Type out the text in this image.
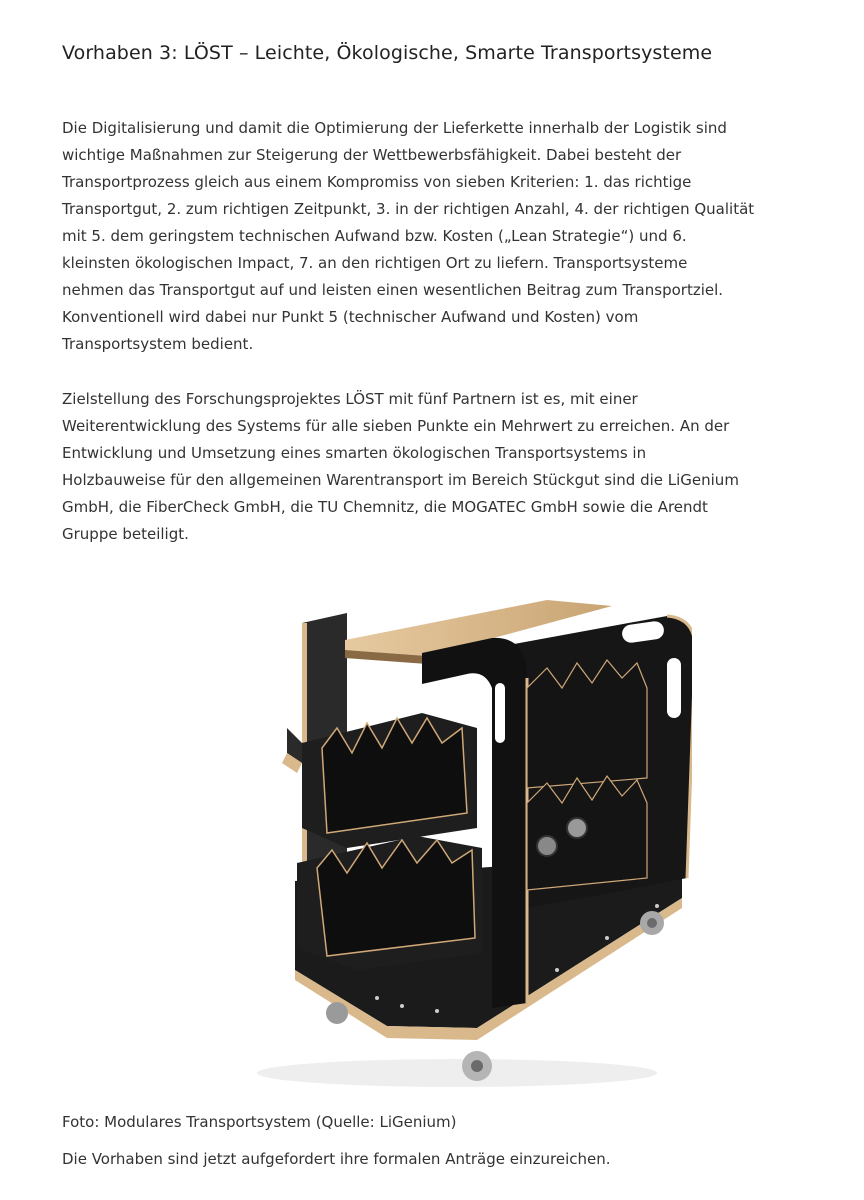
Vorhaben 3: LÖST – Leichte, Ökologische, Smarte Transportsysteme
Die Digitalisierung und damit die Optimierung der Lieferkette innerhalb der Logistik sind
wichtige Maßnahmen zur Steigerung der Wettbewerbsfähigkeit. Dabei besteht der
Transportprozess gleich aus einem Kompromiss von sieben Kriterien: 1. das richtige
Transportgut, 2. zum richtigen Zeitpunkt, 3. in der richtigen Anzahl, 4. der richtigen Qualität
mit 5. dem geringstem technischen Aufwand bzw. Kosten („Lean Strategie“) und 6.
kleinsten ökologischen Impact, 7. an den richtigen Ort zu liefern. Transportsysteme
nehmen das Transportgut auf und leisten einen wesentlichen Beitrag zum Transportziel.
Konventionell wird dabei nur Punkt 5 (technischer Aufwand und Kosten) vom
Transportsystem bedient.
Zielstellung des Forschungsprojektes LÖST mit fünf Partnern ist es, mit einer
Weiterentwicklung des Systems für alle sieben Punkte ein Mehrwert zu erreichen. An der
Entwicklung und Umsetzung eines smarten ökologischen Transportsystems in
Holzbauweise für den allgemeinen Warentransport im Bereich Stückgut sind die LiGenium
GmbH, die FiberCheck GmbH, die TU Chemnitz, die MOGATEC GmbH sowie die Arendt
Gruppe beteiligt.

Foto: Modulares Transportsystem (Quelle: LiGenium)

Die Vorhaben sind jetzt aufgefordert ihre formalen Anträge einzureichen.
